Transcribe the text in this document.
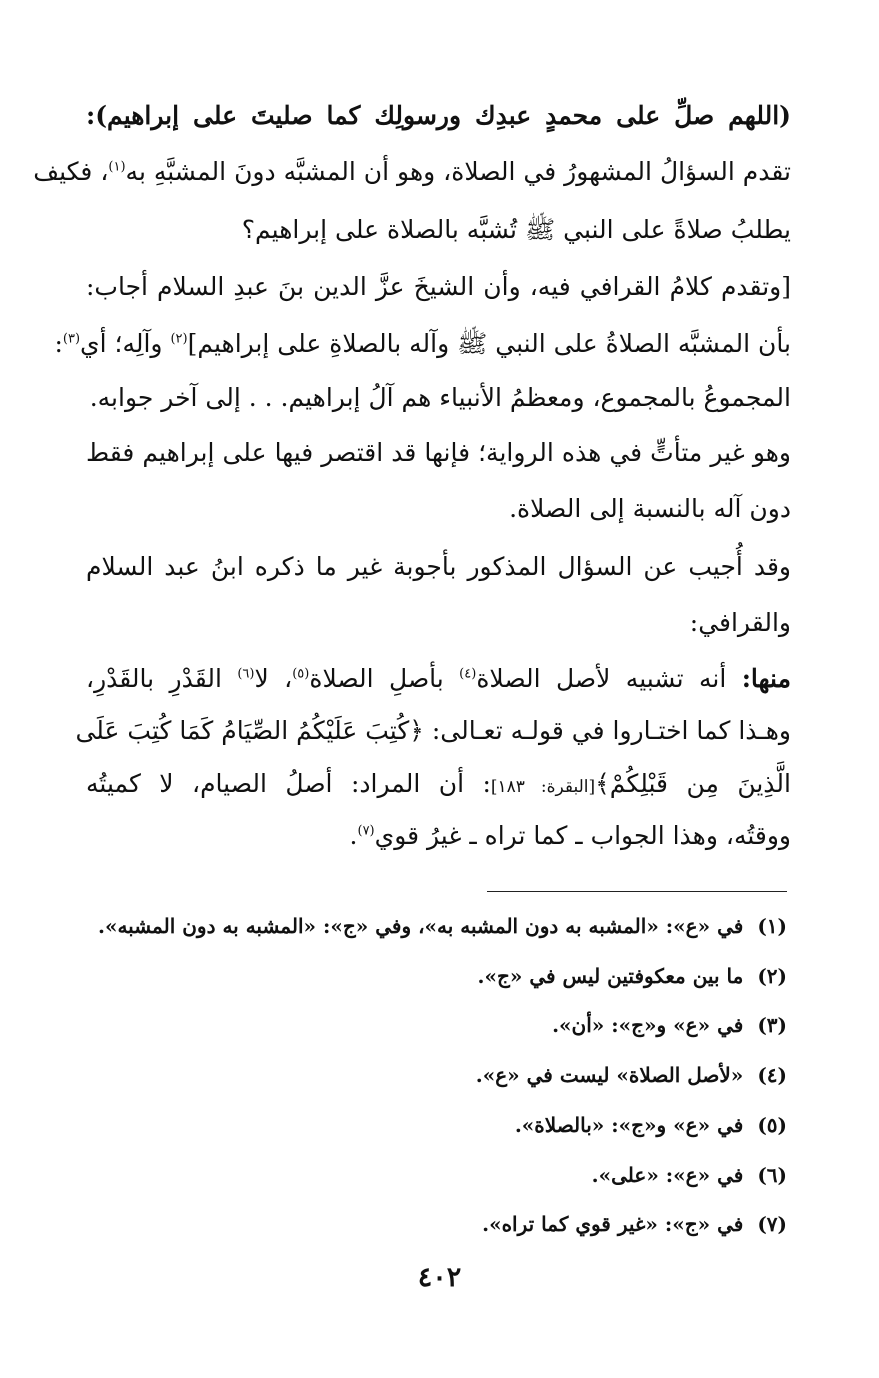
(اللهم صلِّ على محمدٍ عبدِك ورسولِك كما صليتَ على إبراهيم):
تقدم السؤالُ المشهورُ في الصلاة، وهو أن المشبَّه دونَ المشبَّهِ به$^{(١)}$، فكيف
يطلبُ صلاةً على النبي ﷺ تُشبَّه بالصلاة على إبراهيم؟
[وتقدم كلامُ القرافي فيه، وأن الشيخَ عزَّ الدين بنَ عبدِ السلام أجاب:
بأن المشبَّه الصلاةُ على النبي ﷺ وآله بالصلاةِ على إبراهيم]$^{(٢)}$ وآلِه؛ أي$^{(٣)}$:
المجموعُ بالمجموع، ومعظمُ الأنبياء هم آلُ إبراهيم. . . إلى آخر جوابه.
وهو غير متأتٍّ في هذه الرواية؛ فإنها قد اقتصر فيها على إبراهيم فقط
دون آله بالنسبة إلى الصلاة.
وقد أُجيب عن السؤال المذكور بأجوبة غير ما ذكره ابنُ عبد السلام
والقرافي:
منها: أنه تشبيه لأصل الصلاة$^{(٤)}$ بأصلِ الصلاة$^{(٥)}$، لا$^{(٦)}$ القَدْرِ بالقَدْرِ،
وهـذا كما اختـاروا في قولـه تعـالى: ﴿كُتِبَ عَلَيْكُمُ الصِّيَامُ كَمَا كُتِبَ عَلَى
الَّذِينَ مِن قَبْلِكُمْ﴾[البقرة: ١٨٣]: أن المراد: أصلُ الصيام، لا كميتُه
ووقتُه، وهذا الجواب ـ كما تراه ـ غيرُ قوي$^{(٧)}$.
(١)في «ع»: «المشبه به دون المشبه به»، وفي «ج»: «المشبه به دون المشبه».
(٢)ما بين معكوفتين ليس في «ج».
(٣)في «ع» و«ج»: «أن».
(٤)«لأصل الصلاة» ليست في «ع».
(٥)في «ع» و«ج»: «بالصلاة».
(٦)في «ع»: «على».
(٧)في «ج»: «غير قوي كما تراه».
٤٠٢
